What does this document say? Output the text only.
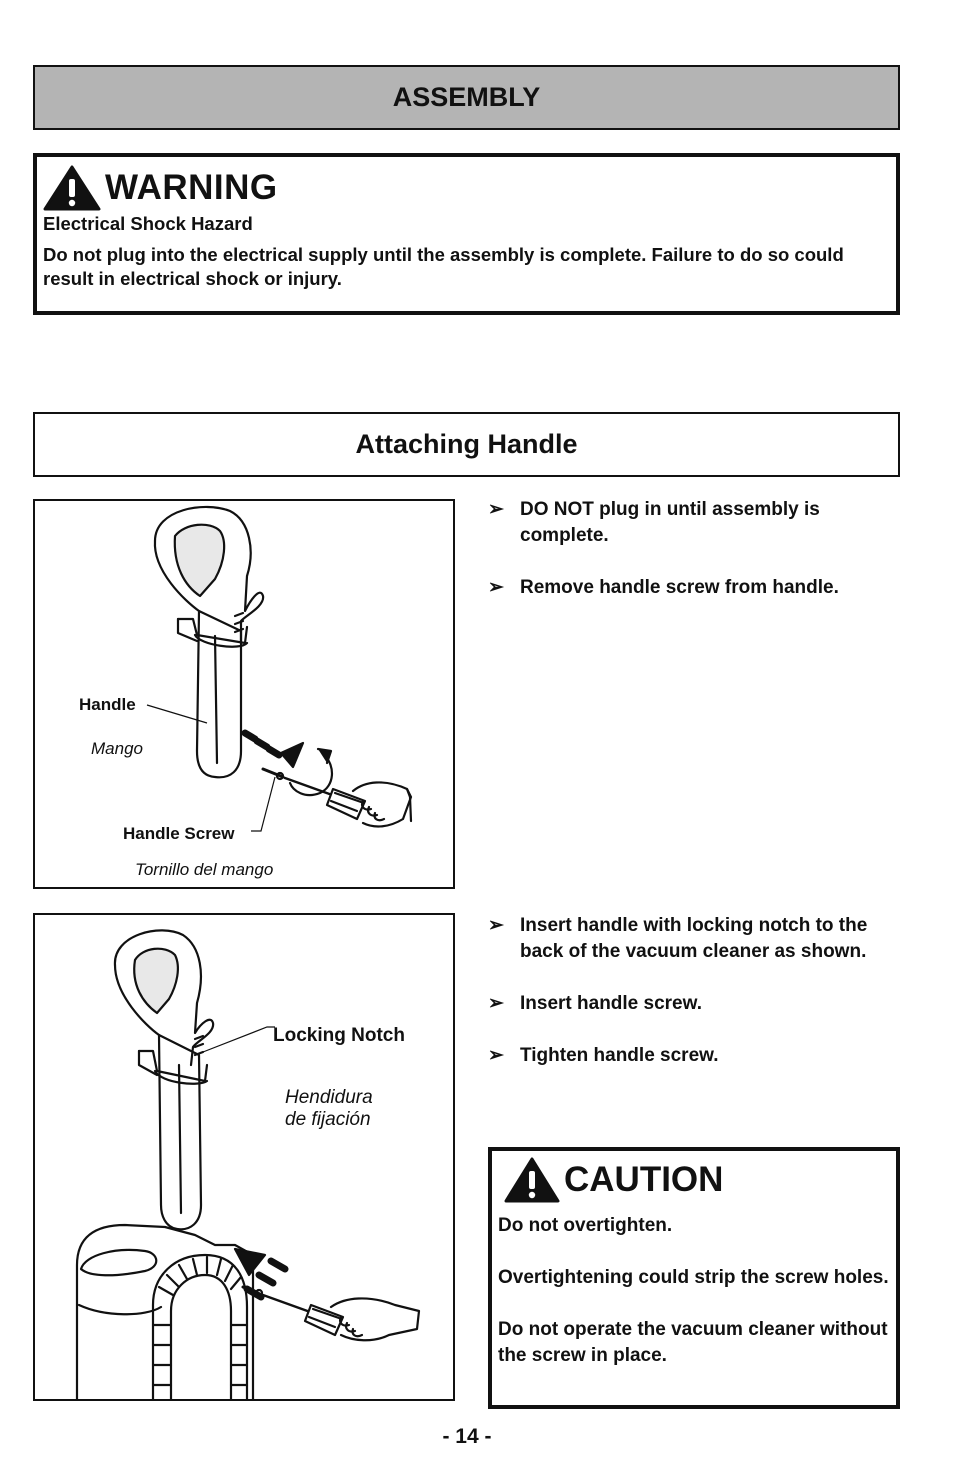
ASSEMBLY
WARNING
Electrical Shock Hazard
Do not plug into the electrical supply until the assembly is complete. Failure to do so could result in electrical shock or injury.
Attaching Handle
Handle
Mango
Handle Screw
Tornillo del mango
➢ DO NOT plug in until assembly is complete.
➢ Remove handle screw from handle.
Locking Notch
Hendidura
de fijación
➢ Insert handle with locking notch to the back of the vacuum cleaner as shown.
➢ Insert handle screw.
➢ Tighten handle screw.
CAUTION

Do not overtighten.

Overtightening could strip the screw holes.

Do not operate the vacuum cleaner without the screw in place.

- 14 -
